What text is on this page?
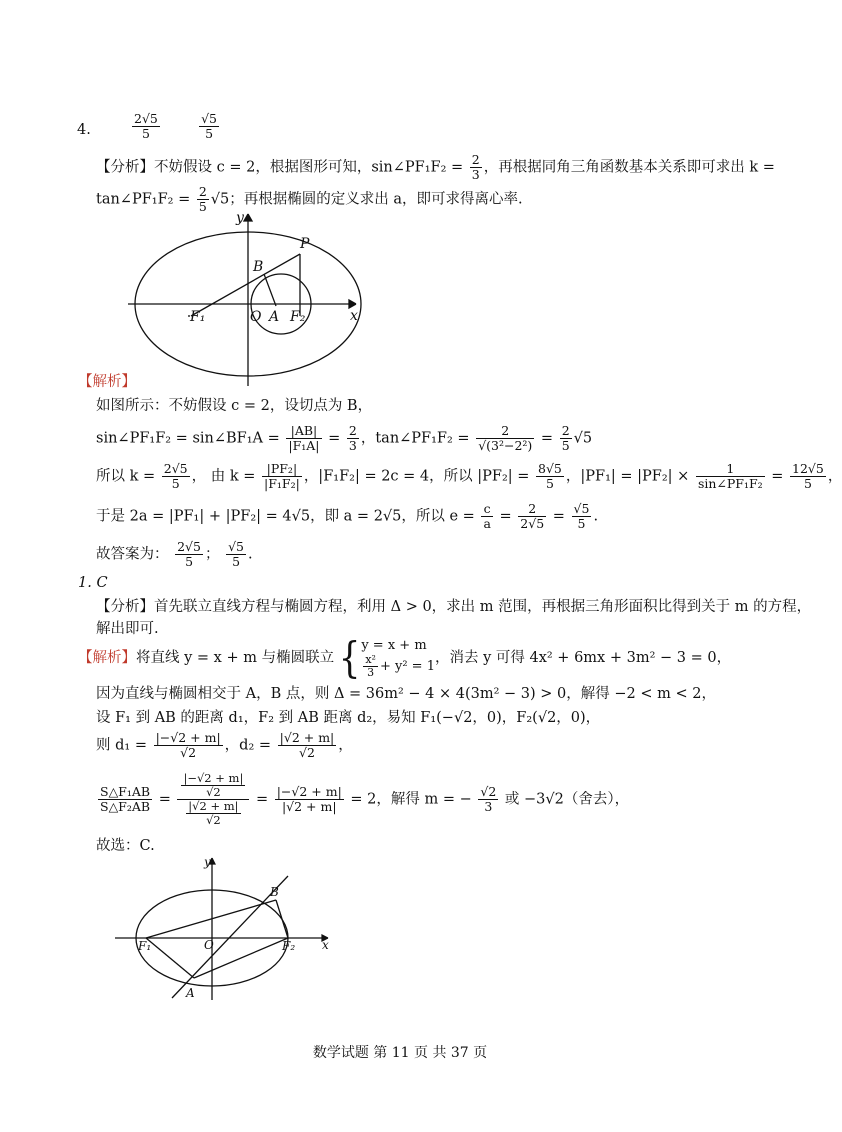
4.	$\frac{2√5}{5}$
	$\frac{√5}{5}$
【分析】不妨假设 c = 2，根据图形可知，sin∠PF₁F₂ = $\frac{2}{3}$ ，再根据同角三角函数基本关系即可求出 k =
tan∠PF₁F₂ = $\frac{2}{5} √5$；再根据椭圆的定义求出 a，即可求得离心率.
y
x
P
B
F₁	O A F₂
【解析】
如图所示：不妨假设 c = 2，设切点为 B，
sin∠PF₁F₂ = sin∠BF₁A = $\frac{|AB|}{\text{|F₁A|}} = \frac{2}{3}$ ，tan∠PF₁F₂ = $\frac{2}{\text{√(3²−2²)}} = \frac{2}{5} √5$
所以 $k = \frac{2√5}{5}$ ， 由 $k = \frac{\text{|PF₂|}}{\text{|F₁F₂|}}$ ，|F₁F₂| = 2c = 4，所以 $|PF_2| = \frac{8√5}{5}$ ，$|PF_1| = |PF_2| \times \frac{1}{\text{sin∠PF₁F₂}} = \frac{12√5}{5}$ ，
于是 2a = |PF₁| + |PF₂| = 4√5，即 a = 2√5，所以 $e = \frac{c}{a} = \frac{2}{2√5} = \frac{√5}{5}$ .
故答案为： $\frac{2√5}{5}$ ； $\frac{√5}{5}$ .
1. C
【分析】首先联立直线方程与椭圆方程，利用 Δ > 0，求出 m 范围，再根据三角形面积比得到关于 m 的方程，
解出即可.
【解析】将直线 y = x + m 与椭圆联立 { y = x + m
$\frac{\text{x²}}{3} + y^2 = 1$
，消去 y 可得 4x² + 6mx + 3m² − 3 = 0，
因为直线与椭圆相交于 A，B 点，则 Δ = 36m² − 4 × 4(3m² − 3) > 0，解得 −2 < m < 2，
设 F₁ 到 AB 的距离 d₁，F₂ 到 AB 距离 d₂，易知 F₁(−√2，0)，F₂(√2，0)，
则 $d_1 = \frac{|-√2 + m|}{√2}$ ，$d_2 = \frac{|√2 + m|}{√2}$ ，
$\frac{\text{S△F₁AB}}{\text{S△F₂AB}} = \frac{\frac{|-√2 + m|}{√2}}{\frac{|√2 + m|}{√2}} = \frac{|-√2 + m|}{|√2 + m|} = 2$，解得 m = − $\frac{√2}{3}$ 或 −3√2（舍去），
故选：C.
y
x
B
F₁	O	F₂
A
数学试题 第 11 页 共 37 页
